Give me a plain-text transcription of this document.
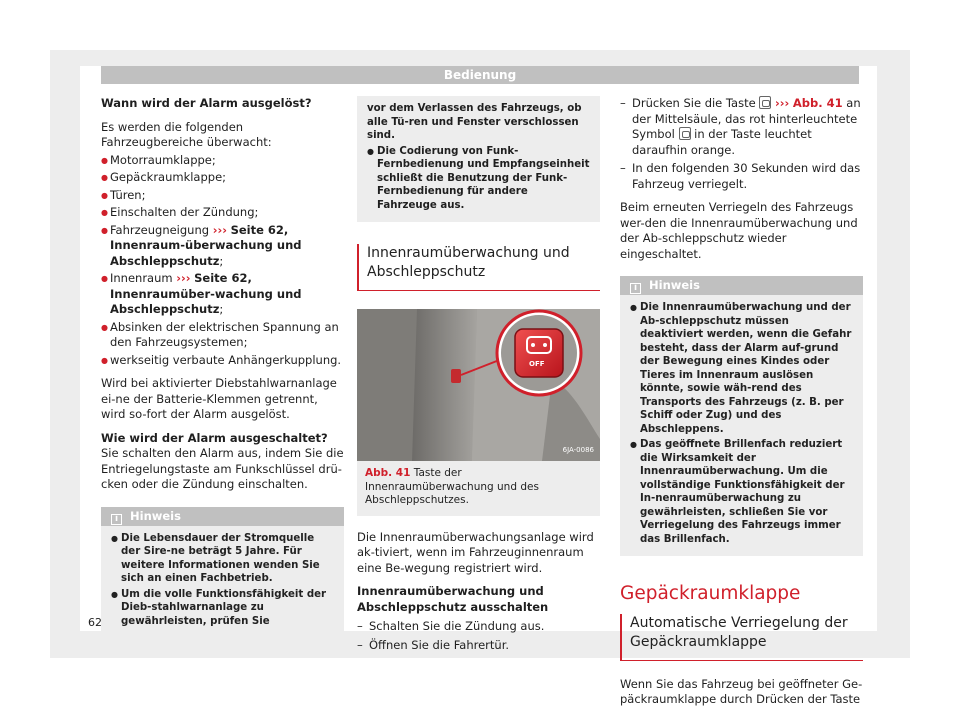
Bedienung

Wann wird der Alarm ausgelöst?

Es werden die folgenden Fahrzeugbereiche überwacht:

● Motorraumklappe;
● Gepäckraumklappe;
● Türen;
● Einschalten der Zündung;
● Fahrzeugneigung ››› Seite 62, Innenraum-überwachung und Abschleppschutz;
● Innenraum ››› Seite 62, Innenraumüber-wachung und Abschleppschutz;
● Absinken der elektrischen Spannung an den Fahrzeugsystemen;
● werkseitig verbaute Anhängerkupplung.

Wird bei aktivierter Diebstahlwarnanlage ei-ne der Batterie-Klemmen getrennt, wird so-fort der Alarm ausgelöst.

Wie wird der Alarm ausgeschaltet?

Sie schalten den Alarm aus, indem Sie die Entriegelungstaste am Funkschlüssel drü-cken oder die Zündung einschalten.

i Hinweis
● Die Lebensdauer der Stromquelle der Sire-ne beträgt 5 Jahre. Für weitere Informationen wenden Sie sich an einen Fachbetrieb.
● Um die volle Funktionsfähigkeit der Dieb-stahlwarnanlage zu gewährleisten, prüfen Sie
vor dem Verlassen des Fahrzeugs, ob alle Tü-ren und Fenster verschlossen sind.
● Die Codierung von Funk-Fernbedienung und Empfangseinheit schließt die Benutzung der Funk-Fernbedienung für andere Fahrzeuge aus.
Innenraumüberwachung und Abschleppschutz
OFF
6JA-0086
Abb. 41 Taste der Innenraumüberwachung und des Abschleppschutzes.

Die Innenraumüberwachungsanlage wird ak-tiviert, wenn im Fahrzeuginnenraum eine Be-wegung registriert wird.

Innenraumüberwachung und Abschleppschutz ausschalten

– Schalten Sie die Zündung aus.
– Öffnen Sie die Fahrertür.
– Drücken Sie die Taste ››› Abb. 41 an der Mittelsäule, das rot hinterleuchtete Symbol in der Taste leuchtet daraufhin orange.
– In den folgenden 30 Sekunden wird das Fahrzeug verriegelt.

Beim erneuten Verriegeln des Fahrzeugs wer-den die Innenraumüberwachung und der Ab-schleppschutz wieder eingeschaltet.

i Hinweis
● Die Innenraumüberwachung und der Ab-schleppschutz müssen deaktiviert werden, wenn die Gefahr besteht, dass der Alarm auf-grund der Bewegung eines Kindes oder Tieres im Innenraum auslösen könnte, sowie wäh-rend des Transports des Fahrzeugs (z. B. per Schiff oder Zug) und des Abschleppens.
● Das geöffnete Brillenfach reduziert die Wirksamkeit der Innenraumüberwachung. Um die vollständige Funktionsfähigkeit der In-nenraumüberwachung zu gewährleisten, schließen Sie vor Verriegelung des Fahrzeugs immer das Brillenfach.
Gepäckraumklappe
Automatische Verriegelung der Gepäckraumklappe

Wenn Sie das Fahrzeug bei geöffneter Ge-päckraumklappe durch Drücken der Taste

62
